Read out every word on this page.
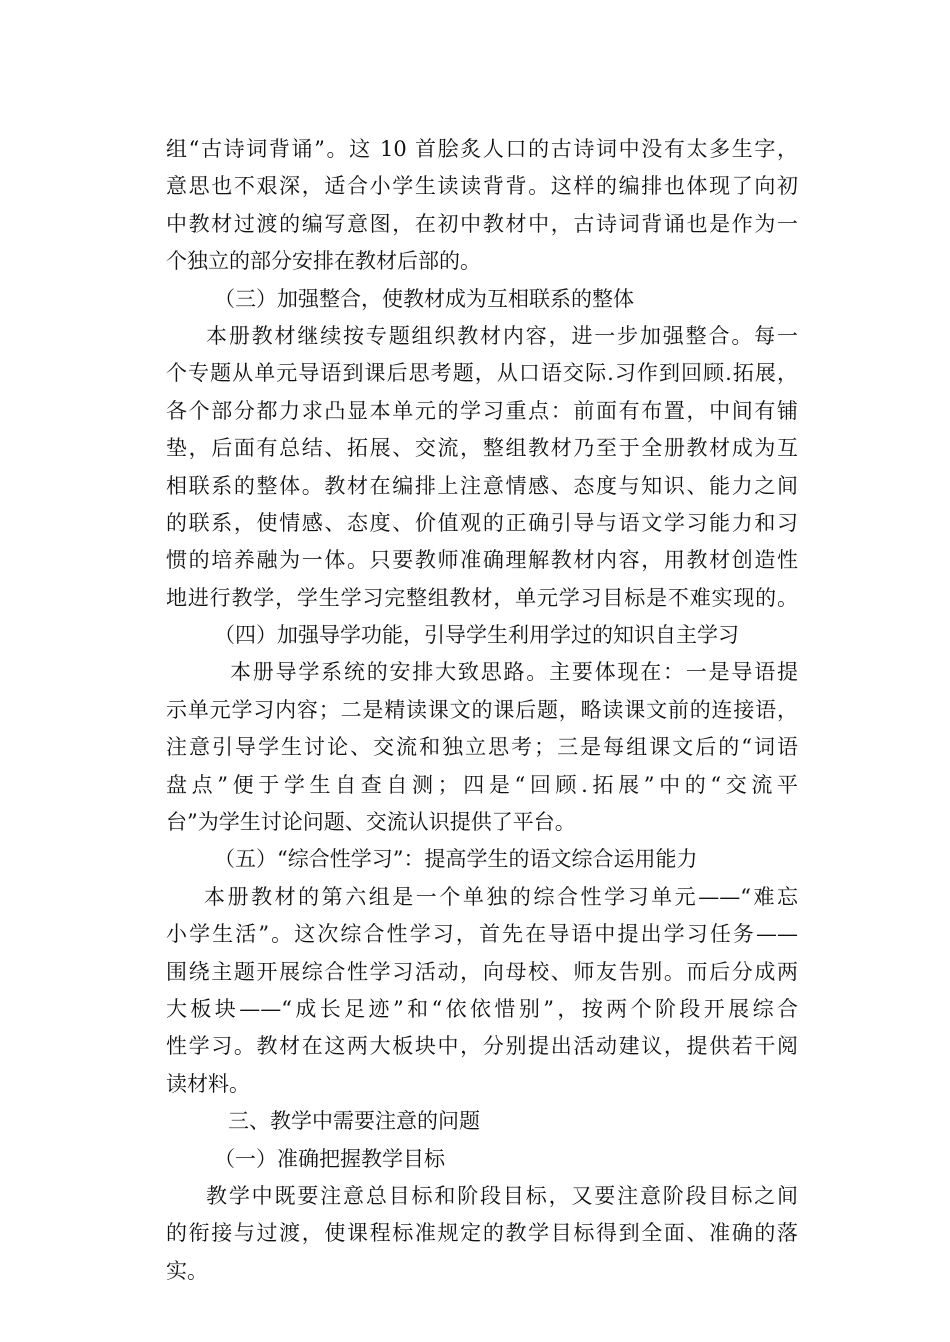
组“古诗词背诵”。这 10 首脍炙人口的古诗词中没有太多生字，

意思也不艰深，适合小学生读读背背。这样的编排也体现了向初

中教材过渡的编写意图，在初中教材中，古诗词背诵也是作为一

个独立的部分安排在教材后部的。

（三）加强整合，使教材成为互相联系的整体

本册教材继续按专题组织教材内容，进一步加强整合。每一

个专题从单元导语到课后思考题，从口语交际.习作到回顾.拓展，

各个部分都力求凸显本单元的学习重点：前面有布置，中间有铺

垫，后面有总结、拓展、交流，整组教材乃至于全册教材成为互

相联系的整体。教材在编排上注意情感、态度与知识、能力之间

的联系，使情感、态度、价值观的正确引导与语文学习能力和习

惯的培养融为一体。只要教师准确理解教材内容，用教材创造性

地进行教学，学生学习完整组教材，单元学习目标是不难实现的。

（四）加强导学功能，引导学生利用学过的知识自主学习

本册导学系统的安排大致思路。主要体现在：一是导语提

示单元学习内容；二是精读课文的课后题，略读课文前的连接语，

注意引导学生讨论、交流和独立思考；三是每组课文后的“词语

盘点”便于学生自查自测；四是“回顾.拓展”中的“交流平

台”为学生讨论问题、交流认识提供了平台。

（五）“综合性学习”：提高学生的语文综合运用能力

本册教材的第六组是一个单独的综合性学习单元——“难忘

小学生活”。这次综合性学习，首先在导语中提出学习任务——

围绕主题开展综合性学习活动，向母校、师友告别。而后分成两

大板块——“成长足迹”和“依依惜别”，按两个阶段开展综合

性学习。教材在这两大板块中，分别提出活动建议，提供若干阅

读材料。

三、教学中需要注意的问题

（一）准确把握教学目标

教学中既要注意总目标和阶段目标，又要注意阶段目标之间

的衔接与过渡，使课程标准规定的教学目标得到全面、准确的落

实。
